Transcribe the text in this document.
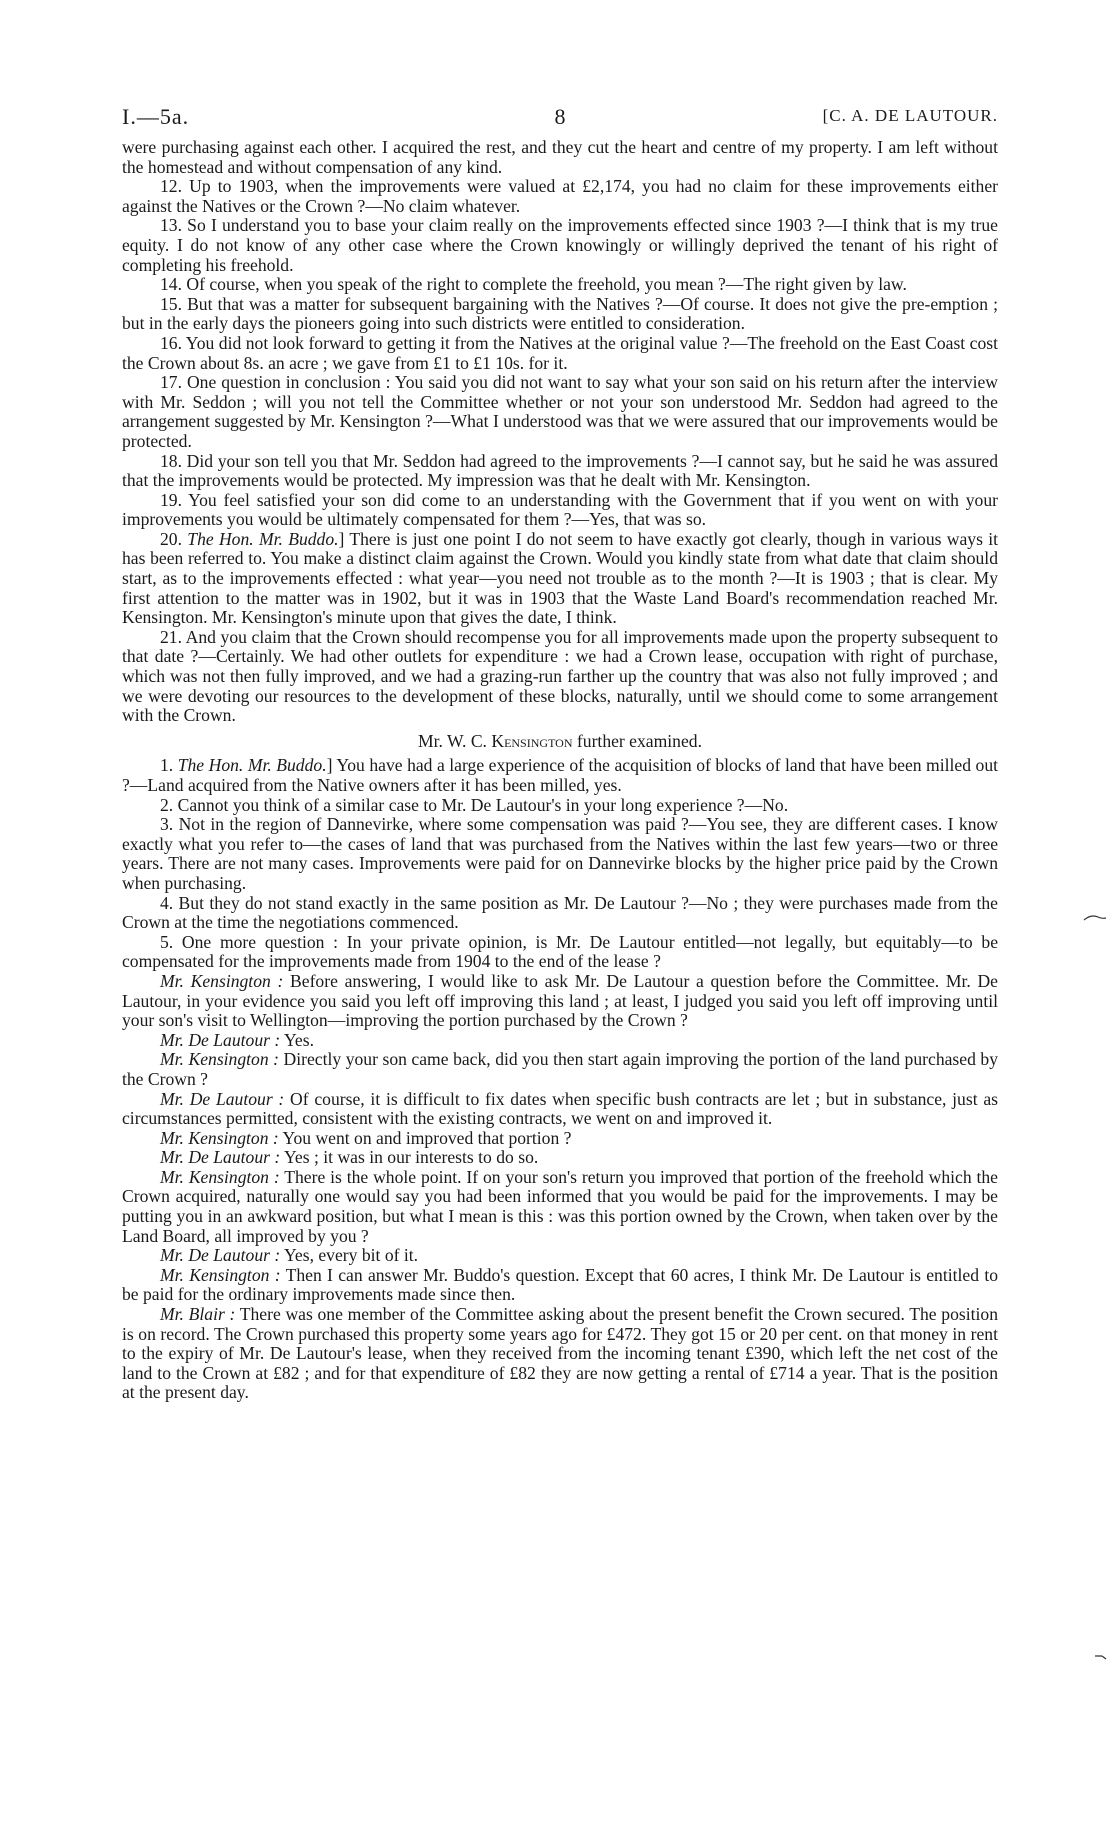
I.—5a.	8	[C. A. DE LAUTOUR.

were purchasing against each other. I acquired the rest, and they cut the heart and centre of my property. I am left without the homestead and without compensation of any kind.

12. Up to 1903, when the improvements were valued at £2,174, you had no claim for these improvements either against the Natives or the Crown ?—No claim whatever.

13. So I understand you to base your claim really on the improvements effected since 1903 ?—I think that is my true equity. I do not know of any other case where the Crown knowingly or willingly deprived the tenant of his right of completing his freehold.

14. Of course, when you speak of the right to complete the freehold, you mean ?—The right given by law.

15. But that was a matter for subsequent bargaining with the Natives ?—Of course. It does not give the pre-emption ; but in the early days the pioneers going into such districts were entitled to consideration.

16. You did not look forward to getting it from the Natives at the original value ?—The freehold on the East Coast cost the Crown about 8s. an acre ; we gave from £1 to £1 10s. for it.

17. One question in conclusion : You said you did not want to say what your son said on his return after the interview with Mr. Seddon ; will you not tell the Committee whether or not your son understood Mr. Seddon had agreed to the arrangement suggested by Mr. Kensington ?—What I understood was that we were assured that our improvements would be protected.

18. Did your son tell you that Mr. Seddon had agreed to the improvements ?—I cannot say, but he said he was assured that the improvements would be protected. My impression was that he dealt with Mr. Kensington.

19. You feel satisfied your son did come to an understanding with the Government that if you went on with your improvements you would be ultimately compensated for them ?—Yes, that was so.

20. The Hon. Mr. Buddo.] There is just one point I do not seem to have exactly got clearly, though in various ways it has been referred to. You make a distinct claim against the Crown. Would you kindly state from what date that claim should start, as to the improvements effected : what year—you need not trouble as to the month ?—It is 1903 ; that is clear. My first attention to the matter was in 1902, but it was in 1903 that the Waste Land Board's recommendation reached Mr. Kensington. Mr. Kensington's minute upon that gives the date, I think.

21. And you claim that the Crown should recompense you for all improvements made upon the property subsequent to that date ?—Certainly. We had other outlets for expenditure : we had a Crown lease, occupation with right of purchase, which was not then fully improved, and we had a grazing-run farther up the country that was also not fully improved ; and we were devoting our resources to the development of these blocks, naturally, until we should come to some arrangement with the Crown.

Mr. W. C. Kensington further examined.

1. The Hon. Mr. Buddo.] You have had a large experience of the acquisition of blocks of land that have been milled out ?—Land acquired from the Native owners after it has been milled, yes.

2. Cannot you think of a similar case to Mr. De Lautour's in your long experience ?—No.

3. Not in the region of Dannevirke, where some compensation was paid ?—You see, they are different cases. I know exactly what you refer to—the cases of land that was purchased from the Natives within the last few years—two or three years. There are not many cases. Improvements were paid for on Dannevirke blocks by the higher price paid by the Crown when purchasing.

4. But they do not stand exactly in the same position as Mr. De Lautour ?—No ; they were purchases made from the Crown at the time the negotiations commenced.

5. One more question : In your private opinion, is Mr. De Lautour entitled—not legally, but equitably—to be compensated for the improvements made from 1904 to the end of the lease ?

Mr. Kensington : Before answering, I would like to ask Mr. De Lautour a question before the Committee. Mr. De Lautour, in your evidence you said you left off improving this land ; at least, I judged you said you left off improving until your son's visit to Wellington—improving the portion purchased by the Crown ?

Mr. De Lautour : Yes.

Mr. Kensington : Directly your son came back, did you then start again improving the portion of the land purchased by the Crown ?

Mr. De Lautour : Of course, it is difficult to fix dates when specific bush contracts are let ; but in substance, just as circumstances permitted, consistent with the existing contracts, we went on and improved it.

Mr. Kensington : You went on and improved that portion ?

Mr. De Lautour : Yes ; it was in our interests to do so.

Mr. Kensington : There is the whole point. If on your son's return you improved that portion of the freehold which the Crown acquired, naturally one would say you had been informed that you would be paid for the improvements. I may be putting you in an awkward position, but what I mean is this : was this portion owned by the Crown, when taken over by the Land Board, all improved by you ?

Mr. De Lautour : Yes, every bit of it.

Mr. Kensington : Then I can answer Mr. Buddo's question. Except that 60 acres, I think Mr. De Lautour is entitled to be paid for the ordinary improvements made since then.

Mr. Blair : There was one member of the Committee asking about the present benefit the Crown secured. The position is on record. The Crown purchased this property some years ago for £472. They got 15 or 20 per cent. on that money in rent to the expiry of Mr. De Lautour's lease, when they received from the incoming tenant £390, which left the net cost of the land to the Crown at £82 ; and for that expenditure of £82 they are now getting a rental of £714 a year. That is the position at the present day.
